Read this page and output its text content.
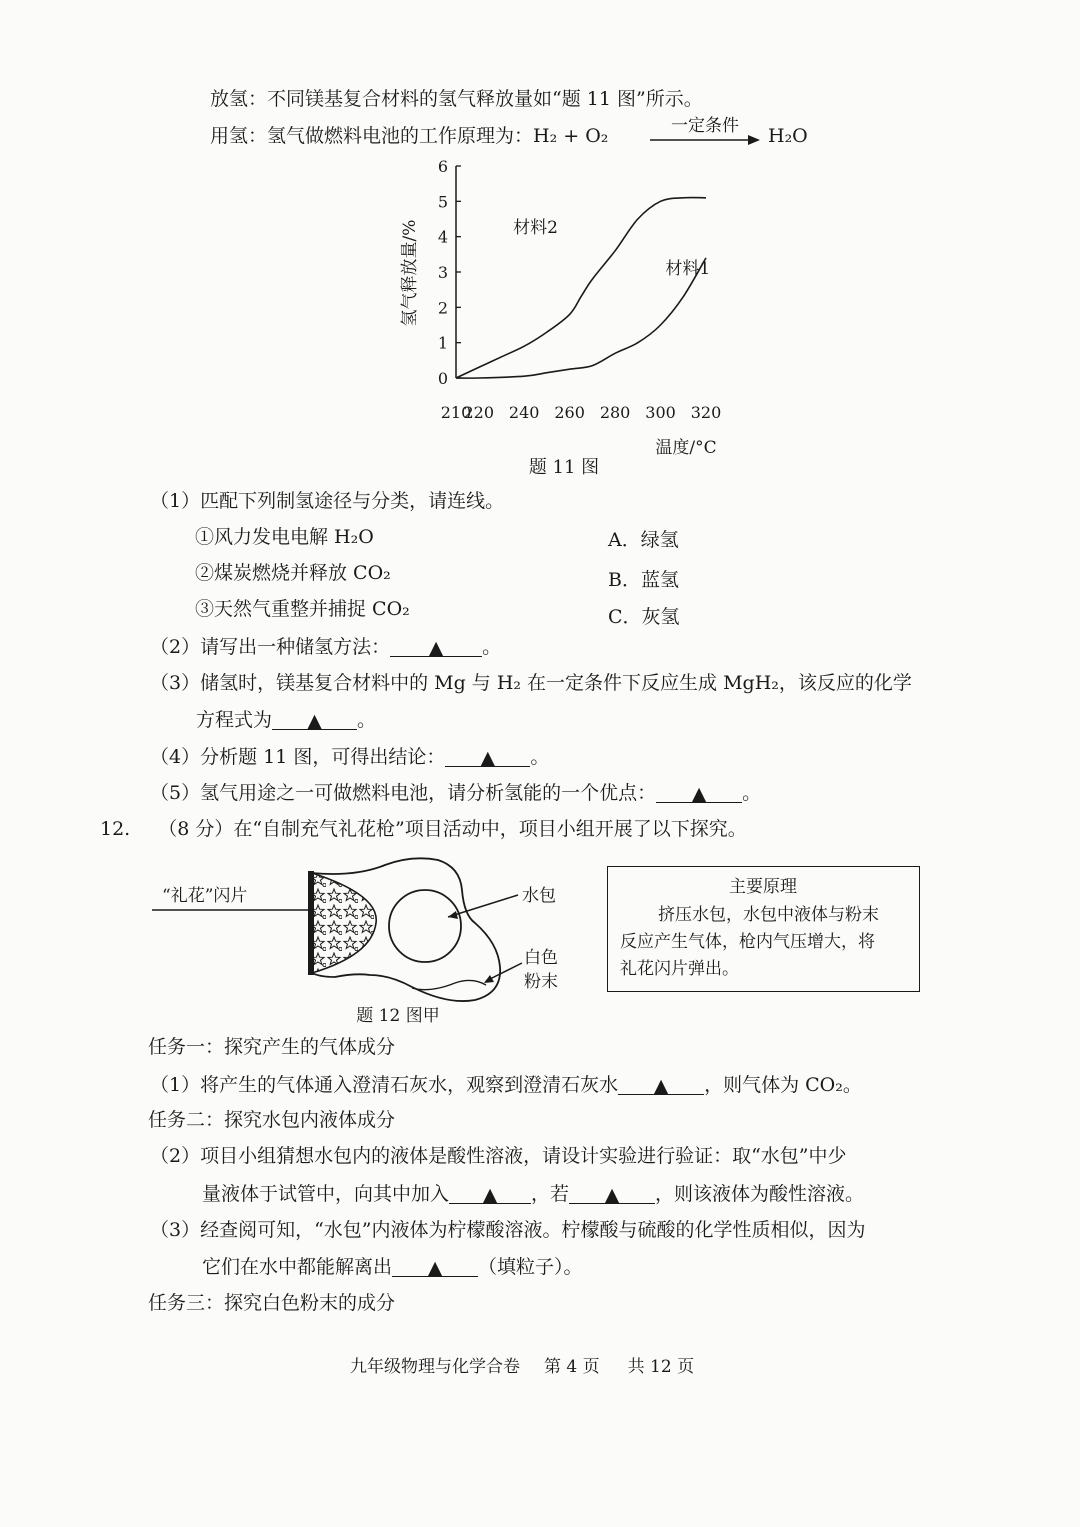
放氢：不同镁基复合材料的氢气释放量如“题 11 图”所示。
用氢：氢气做燃料电池的工作原理为：H₂ + O₂	一定条件 H₂O
0
1
2
3
4
5
6
210
220 240 260 280 300 320
材料2
材料1
温度/°C
氢气释放量/%
题 11 图
（1）匹配下列制氢途径与分类，请连线。
①风力发电电解 H₂O
②煤炭燃烧并释放 CO₂
③天然气重整并捕捉 CO₂
A．绿氢
B．蓝氢
C．灰氢
（2）请写出一种储氢方法： ▲ 。
（3）储氢时，镁基复合材料中的 Mg 与 H₂ 在一定条件下反应生成 MgH₂，该反应的化学
方程式为 ▲ 。
（4）分析题 11 图，可得出结论： ▲ 。
（5）氢气用途之一可做燃料电池，请分析氢能的一个优点： ▲ 。
12. （8 分）在“自制充气礼花枪”项目活动中，项目小组开展了以下探究。
“礼花”闪片	水包
白色
粉末
题 12 图甲
主要原理
挤压水包，水包中液体与粉末
反应产生气体，枪内气压增大，将
礼花闪片弹出。
任务一：探究产生的气体成分
（1）将产生的气体通入澄清石灰水，观察到澄清石灰水 ▲ ，则气体为 CO₂。
任务二：探究水包内液体成分
（2）项目小组猜想水包内的液体是酸性溶液，请设计实验进行验证：取“水包”中少
量液体于试管中，向其中加入 ▲ ，若 ▲ ，则该液体为酸性溶液。
（3）经查阅可知，“水包”内液体为柠檬酸溶液。柠檬酸与硫酸的化学性质相似，因为
它们在水中都能解离出 ▲ （填粒子）。
任务三：探究白色粉末的成分
九年级物理与化学合卷 第 4 页 共 12 页
